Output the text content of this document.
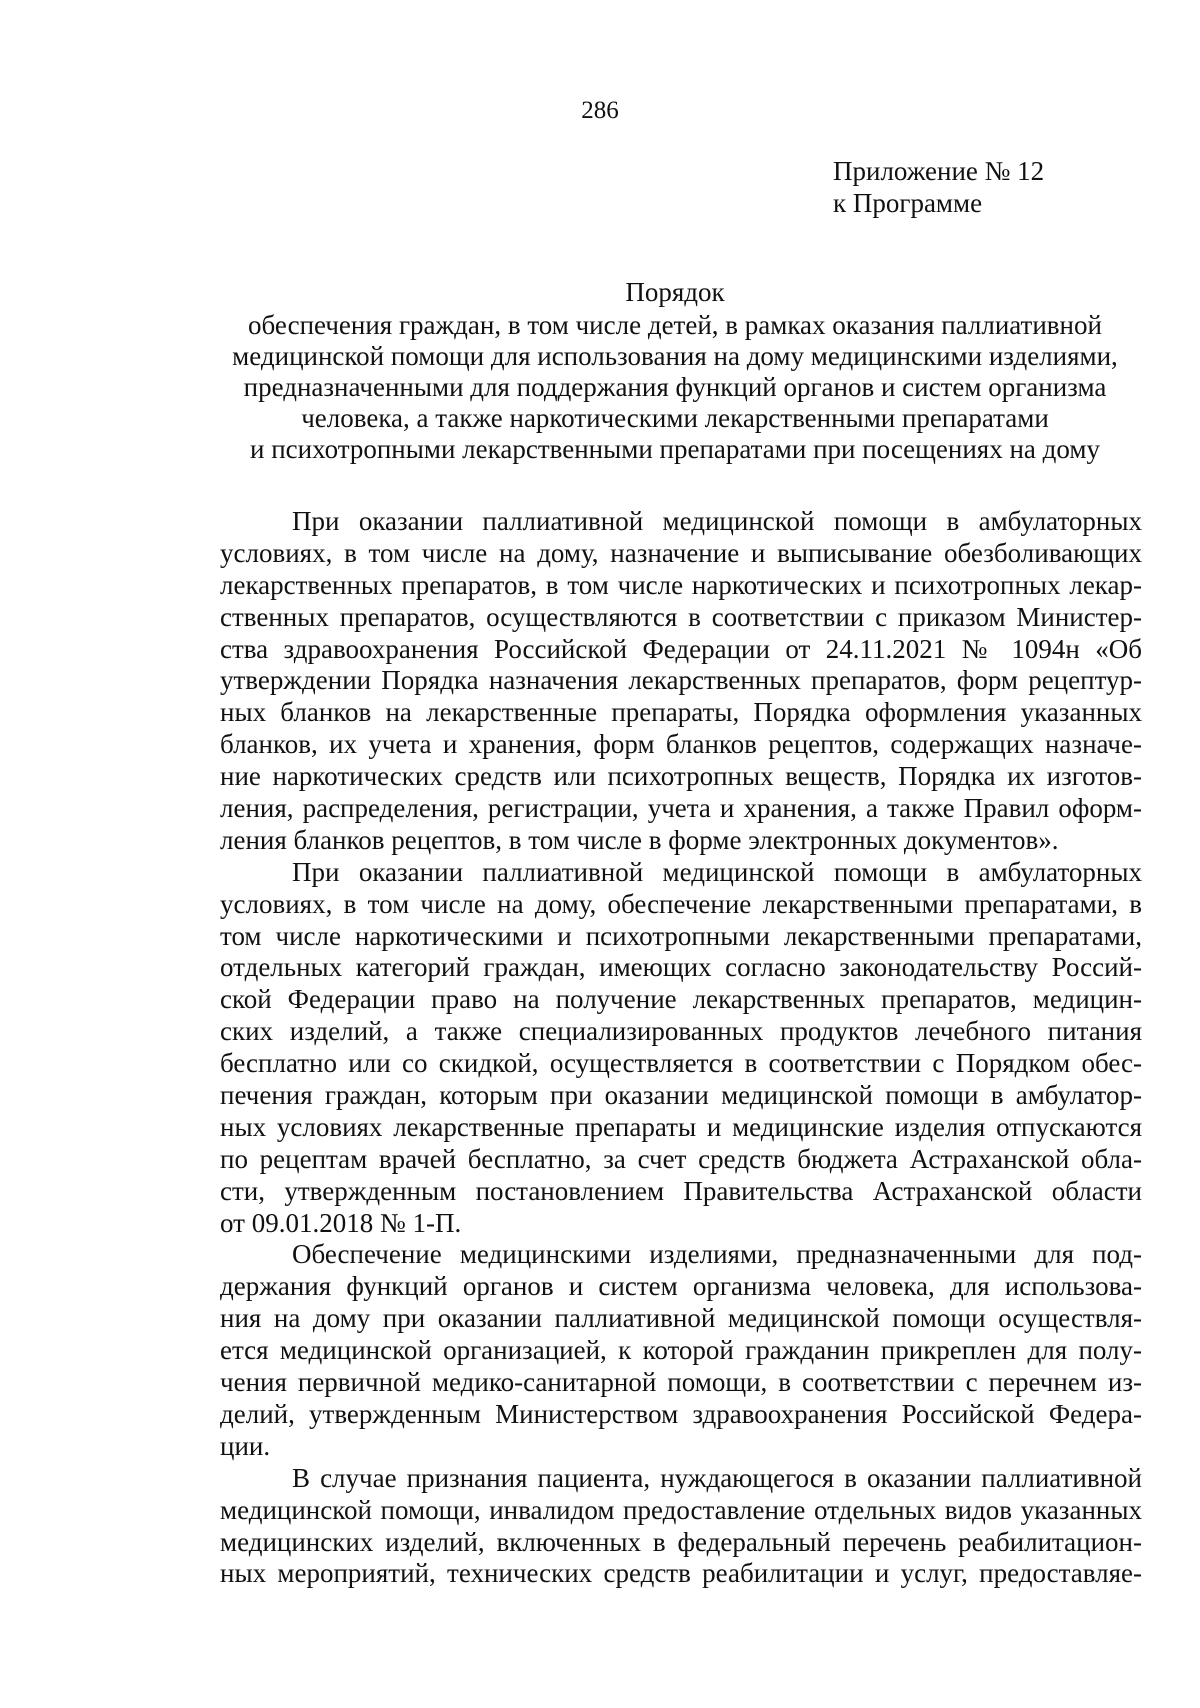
286
Приложение № 12
к Программе
Порядок
обеспечения граждан, в том числе детей, в рамках оказания паллиативной
медицинской помощи для использования на дому медицинскими изделиями,
предназначенными для поддержания функций органов и систем организма
человека, а также наркотическими лекарственными препаратами
и психотропными лекарственными препаратами при посещениях на дому

При оказании паллиативной медицинской помощи в амбулаторных
условиях, в том числе на дому, назначение и выписывание обезболивающих
лекарственных препаратов, в том числе наркотических и психотропных лекар-
ственных препаратов, осуществляются в соответствии с приказом Министер-
ства здравоохранения Российской Федерации от 24.11.2021 № 1094н «Об
утверждении Порядка назначения лекарственных препаратов, форм рецептур-
ных бланков на лекарственные препараты, Порядка оформления указанных
бланков, их учета и хранения, форм бланков рецептов, содержащих назначе-
ние наркотических средств или психотропных веществ, Порядка их изготов-
ления, распределения, регистрации, учета и хранения, а также Правил оформ-
ления бланков рецептов, в том числе в форме электронных документов».

При оказании паллиативной медицинской помощи в амбулаторных
условиях, в том числе на дому, обеспечение лекарственными препаратами, в
том числе наркотическими и психотропными лекарственными препаратами,
отдельных категорий граждан, имеющих согласно законодательству Россий-
ской Федерации право на получение лекарственных препаратов, медицин-
ских изделий, а также специализированных продуктов лечебного питания
бесплатно или со скидкой, осуществляется в соответствии с Порядком обес-
печения граждан, которым при оказании медицинской помощи в амбулатор-
ных условиях лекарственные препараты и медицинские изделия отпускаются
по рецептам врачей бесплатно, за счет средств бюджета Астраханской обла-
сти, утвержденным постановлением Правительства Астраханской области
от 09.01.2018 № 1-П.

Обеспечение медицинскими изделиями, предназначенными для под-
держания функций органов и систем организма человека, для использова-
ния на дому при оказании паллиативной медицинской помощи осуществля-
ется медицинской организацией, к которой гражданин прикреплен для полу-
чения первичной медико-санитарной помощи, в соответствии с перечнем из-
делий, утвержденным Министерством здравоохранения Российской Федера-
ции.

В случае признания пациента, нуждающегося в оказании паллиативной
медицинской помощи, инвалидом предоставление отдельных видов указанных
медицинских изделий, включенных в федеральный перечень реабилитацион-
ных мероприятий, технических средств реабилитации и услуг, предоставляе-
